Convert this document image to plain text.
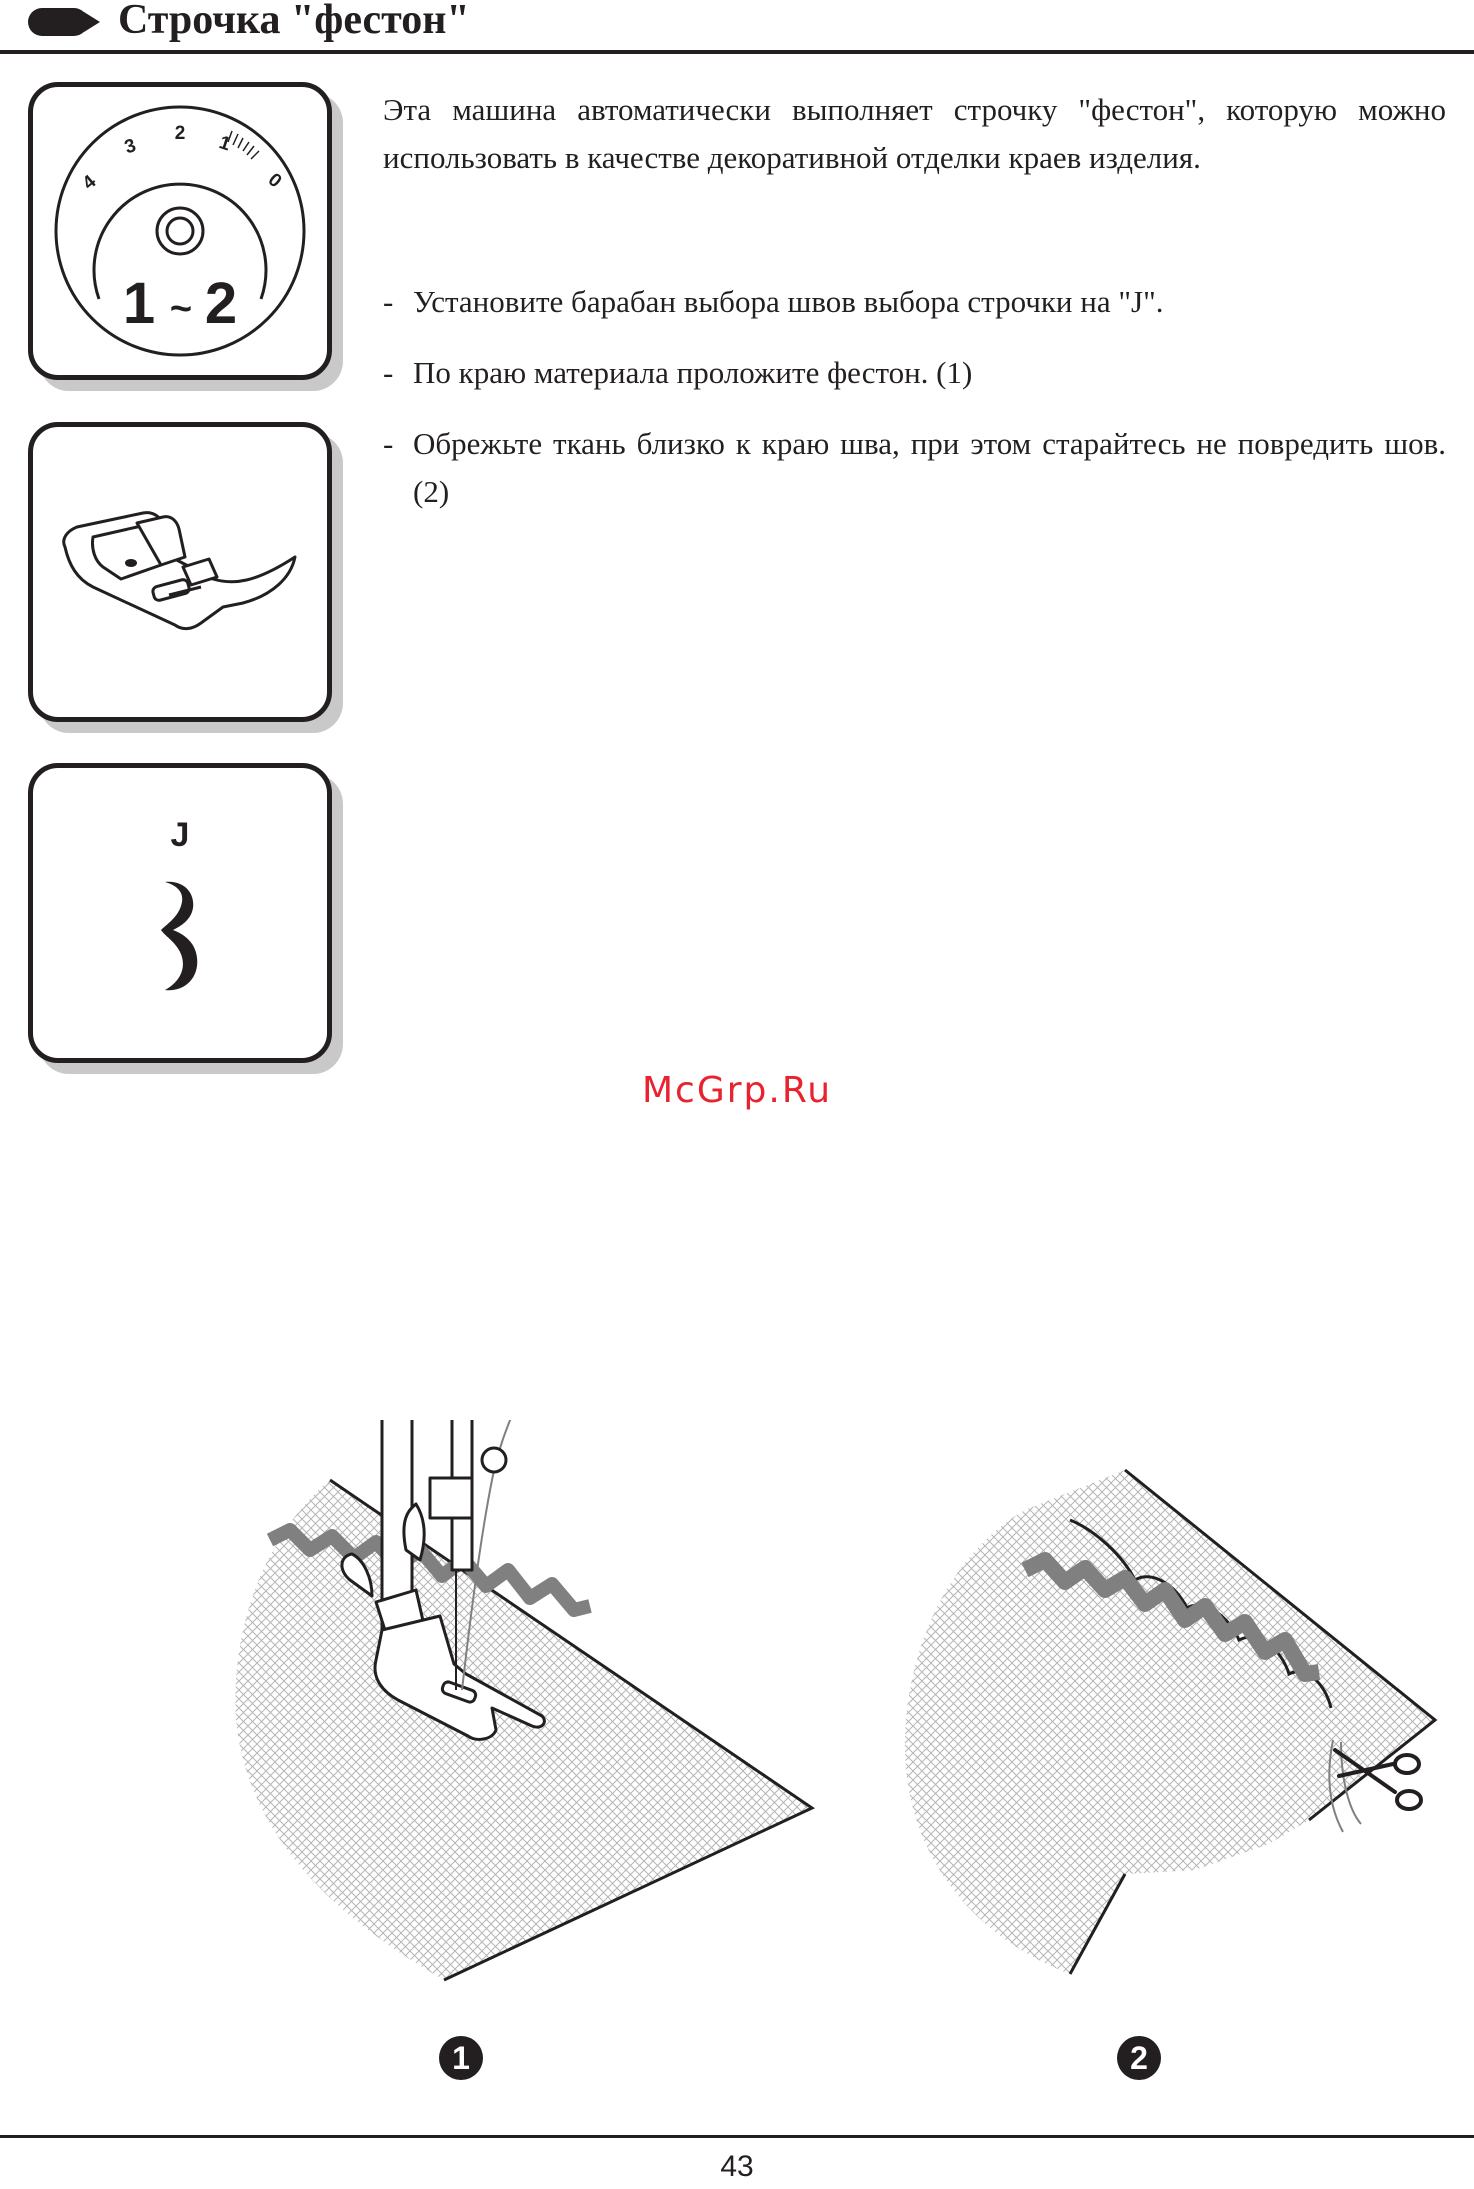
Строчка "фестон"
4
3
2 1
0
1 ~ 2
J

Эта машина автоматически выполняет строчку "фестон", которую можно использовать в качестве декоративной отделки краев изделия.

- Установите барабан выбора швов выбора строчки на "J".
- По краю материала проложите фестон. (1)
- Обрежьте ткань близко к краю шва, при этом старайтесь не повредить шов. (2)
McGrp.Ru
1	2
43
